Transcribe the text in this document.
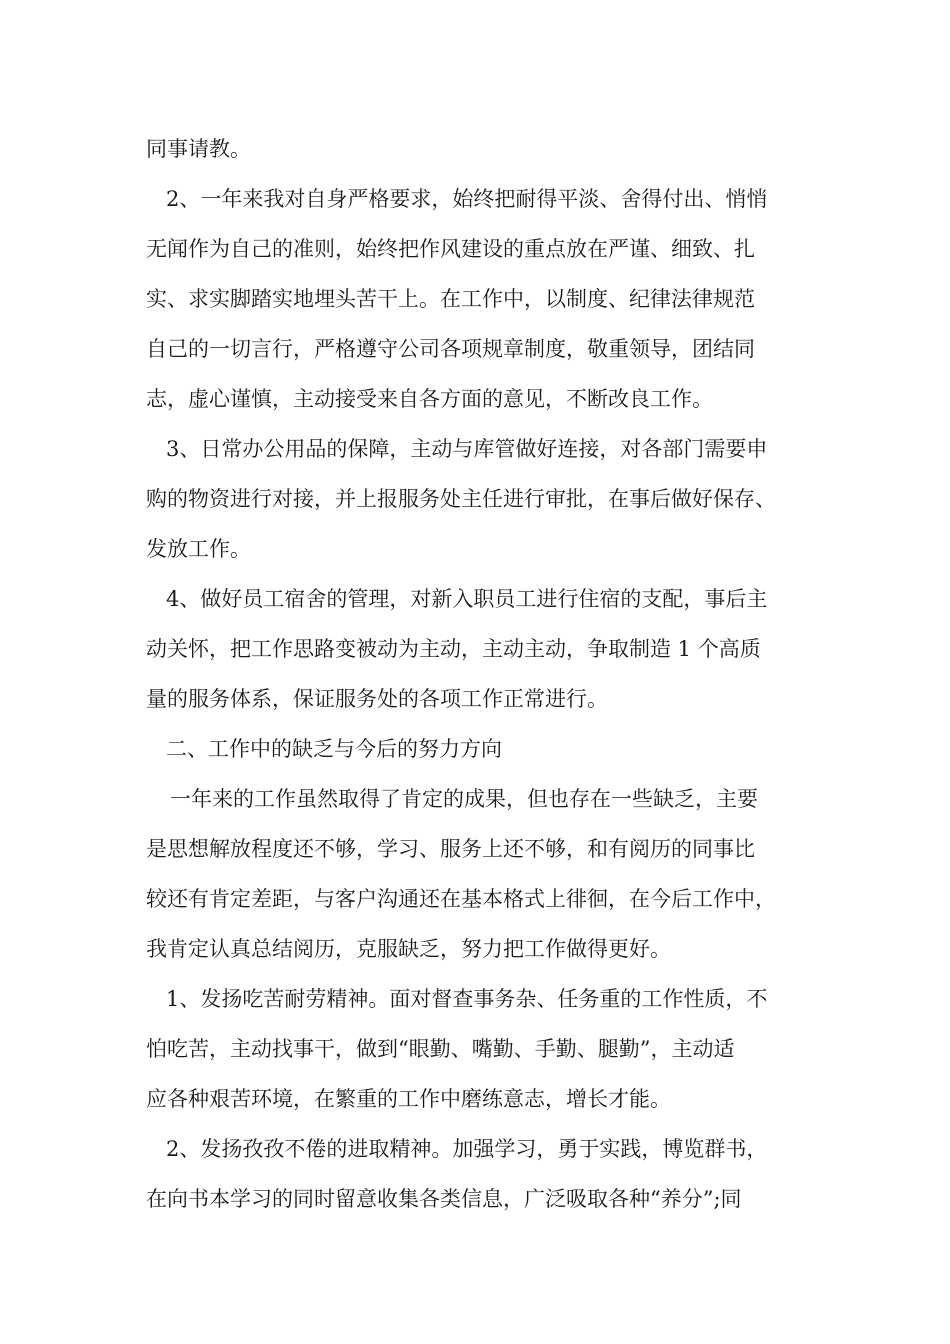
同事请教。
2、一年来我对自身严格要求，始终把耐得平淡、舍得付出、悄悄
无闻作为自己的准则，始终把作风建设的重点放在严谨、细致、扎
实、求实脚踏实地埋头苦干上。在工作中，以制度、纪律法律规范
自己的一切言行，严格遵守公司各项规章制度，敬重领导，团结同
志，虚心谨慎，主动接受来自各方面的意见，不断改良工作。
3、日常办公用品的保障，主动与库管做好连接，对各部门需要申
购的物资进行对接，并上报服务处主任进行审批，在事后做好保存、
发放工作。
4、做好员工宿舍的管理，对新入职员工进行住宿的支配，事后主
动关怀，把工作思路变被动为主动，主动主动，争取制造 1 个高质
量的服务体系，保证服务处的各项工作正常进行。
二、工作中的缺乏与今后的努力方向
一年来的工作虽然取得了肯定的成果，但也存在一些缺乏，主要
是思想解放程度还不够，学习、服务上还不够，和有阅历的同事比
较还有肯定差距，与客户沟通还在基本格式上徘徊，在今后工作中，
我肯定认真总结阅历，克服缺乏，努力把工作做得更好。
1、发扬吃苦耐劳精神。面对督查事务杂、任务重的工作性质，不
怕吃苦，主动找事干，做到“眼勤、嘴勤、手勤、腿勤”，主动适
应各种艰苦环境，在繁重的工作中磨练意志，增长才能。
2、发扬孜孜不倦的进取精神。加强学习，勇于实践，博览群书，
在向书本学习的同时留意收集各类信息，广泛吸取各种“养分”;同
